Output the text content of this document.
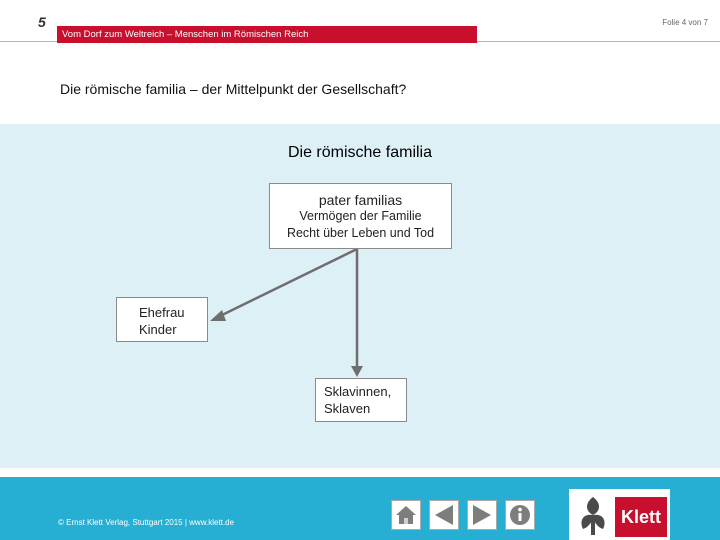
5	Folie 4 von 7
Vom Dorf zum Weltreich – Menschen im Römischen Reich
Die römische familia – der Mittelpunkt der Gesellschaft?
Die römische familia
pater familias
Vermögen der Familie
Recht über Leben und Tod
Ehefrau
Kinder
Sklavinnen,
Sklaven
© Ernst Klett Verlag, Stuttgart 2015 | www.klett.de	Klett
